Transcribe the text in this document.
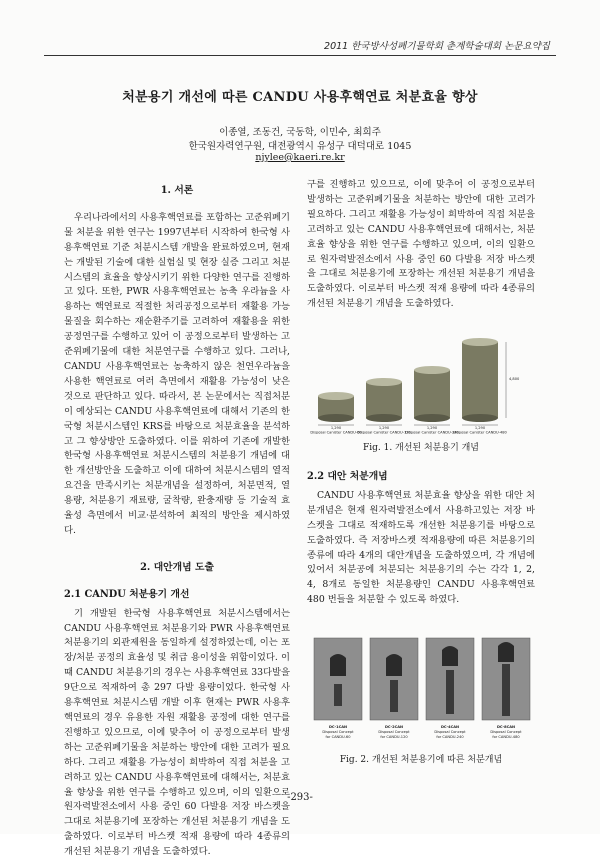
2011 한국방사성폐기물학회 춘계학술대회 논문요약집
처분용기 개선에 따른 CANDU 사용후핵연료 처분효율 향상
이종열, 조동건, 국동학, 이민수, 최희주
한국원자력연구원, 대전광역시 유성구 대덕대로 1045
njylee@kaeri.re.kr
1. 서론

우리나라에서의 사용후핵연료를 포함하는 고준위폐기물 처분을 위한 연구는 1997년부터 시작하여 한국형 사용후핵연료 기준 처분시스템 개발을 완료하였으며, 현재는 개발된 기술에 대한 실험실 및 현장 실증 그리고 처분시스템의 효율을 향상시키기 위한 다양한 연구를 진행하고 있다. 또한, PWR 사용후핵연료는 농축 우라늄을 사용하는 핵연료로 적절한 처리공정으로부터 재활용 가능물질을 회수하는 재순환주기를 고려하여 재활용을 위한 공정연구를 수행하고 있어 이 공정으로부터 발생하는 고준위폐기물에 대한 처분연구를 수행하고 있다. 그러나, CANDU 사용후핵연료는 농축하지 않은 천연우라늄을 사용한 핵연료로 여러 측면에서 재활용 가능성이 낮은 것으로 판단하고 있다. 따라서, 본 논문에서는 직접처분이 예상되는 CANDU 사용후핵연료에 대해서 기존의 한국형 처분시스템인 KRS를 바탕으로 처분효율을 분석하고 그 향상방안 도출하였다. 이를 위하여 기존에 개발한 한국형 사용후핵연료 처분시스템의 처분용기 개념에 대한 개선방안을 도출하고 이에 대하여 처분시스템의 열적요건을 만족시키는 처분개념을 설정하여, 처분면적, 열용량, 처분용기 재료량, 굴착량, 완충재량 등 기술적 효율성 측면에서 비교·분석하여 최적의 방안을 제시하였다.

2. 대안개념 도출
2.1 CANDU 처분용기 개선

기 개발된 한국형 사용후핵연료 처분시스템에서는 CANDU 사용후핵연료 처분용기와 PWR 사용후핵연료 처분용기의 외관제원을 동일하게 설정하였는데, 이는 포장/처분 공정의 효율성 및 취급 용이성을 위함이었다. 이때 CANDU 처분용기의 경우는 사용후핵연료 33다발을 9단으로 적재하여 총 297 다발 용량이었다. 한국형 사용후핵연료 처분시스템 개발 이후 현재는 PWR 사용후핵연료의 경우 유용한 자원 재활용 공정에 대한 연구를 진행하고 있으므로, 이에 맞추어 이 공정으로부터 발생하는 고준위폐기물을 처분하는 방안에 대한 고려가 필요하다. 그리고 재활용 가능성이 희박하여 직접 처분을 고려하고 있는 CANDU 사용후핵연료에 대해서는, 처분효율 향상을 위한 연구를 수행하고 있으며, 이의 일환으로 원자력발전소에서 사용 중인 60 다발용 저장 바스켓을 그대로 처분용기에 포장하는 개선된 처분용기 개념을 도출하였다. 이로부터 바스켓 적재 용량에 따라 4종류의 개선된 처분용기 개념을 도출하였다.

구를 진행하고 있으므로, 이에 맞추어 이 공정으로부터 발생하는 고준위폐기물을 처분하는 방안에 대한 고려가 필요하다. 그리고 재활용 가능성이 희박하여 직접 처분을 고려하고 있는 CANDU 사용후핵연료에 대해서는, 처분효율 향상을 위한 연구를 수행하고 있으며, 이의 일환으로 원자력발전소에서 사용 중인 60 다발용 저장 바스켓을 그대로 처분용기에 포장하는 개선된 처분용기 개념을 도출하였다. 이로부터 바스켓 적재 용량에 따라 4종류의 개선된 처분용기 개념을 도출하였다.

1,290	1,290
Disposal Canister CANDU-120
1,290	1,290
Disposal Canister CANDU-480
4,800
Disposal Canister CANDU-60	Disposal Canister CANDU-240
Fig. 1. 개선된 처분용기 개념
2.2 대안 처분개념

CANDU 사용후핵연료 처분효율 향상을 위한 대안 처분개념은 현재 원자력발전소에서 사용하고있는 저장 바스켓을 그대로 적재하도록 개선한 처분용기를 바탕으로 도출하였다. 즉 저장바스켓 적재용량에 따른 처분용기의 종류에 따라 4개의 대안개념을 도출하였으며, 각 개념에 있어서 처분공에 처분되는 처분용기의 수는 각각 1, 2, 4, 8개로 동일한 처분용량인 CANDU 사용후핵연료 480 번들을 처분할 수 있도록 하였다.

DC-1CAN
Disposal Concept
for CANDU-60
DC-2CAN
Disposal Concept
for CANDU-120
DC-4CAN
Disposal Concept
for CANDU-240
DC-8CAN
Disposal Concept
for CANDU-480
Fig. 2. 개선된 처분용기에 따른 처분개념
-293-
